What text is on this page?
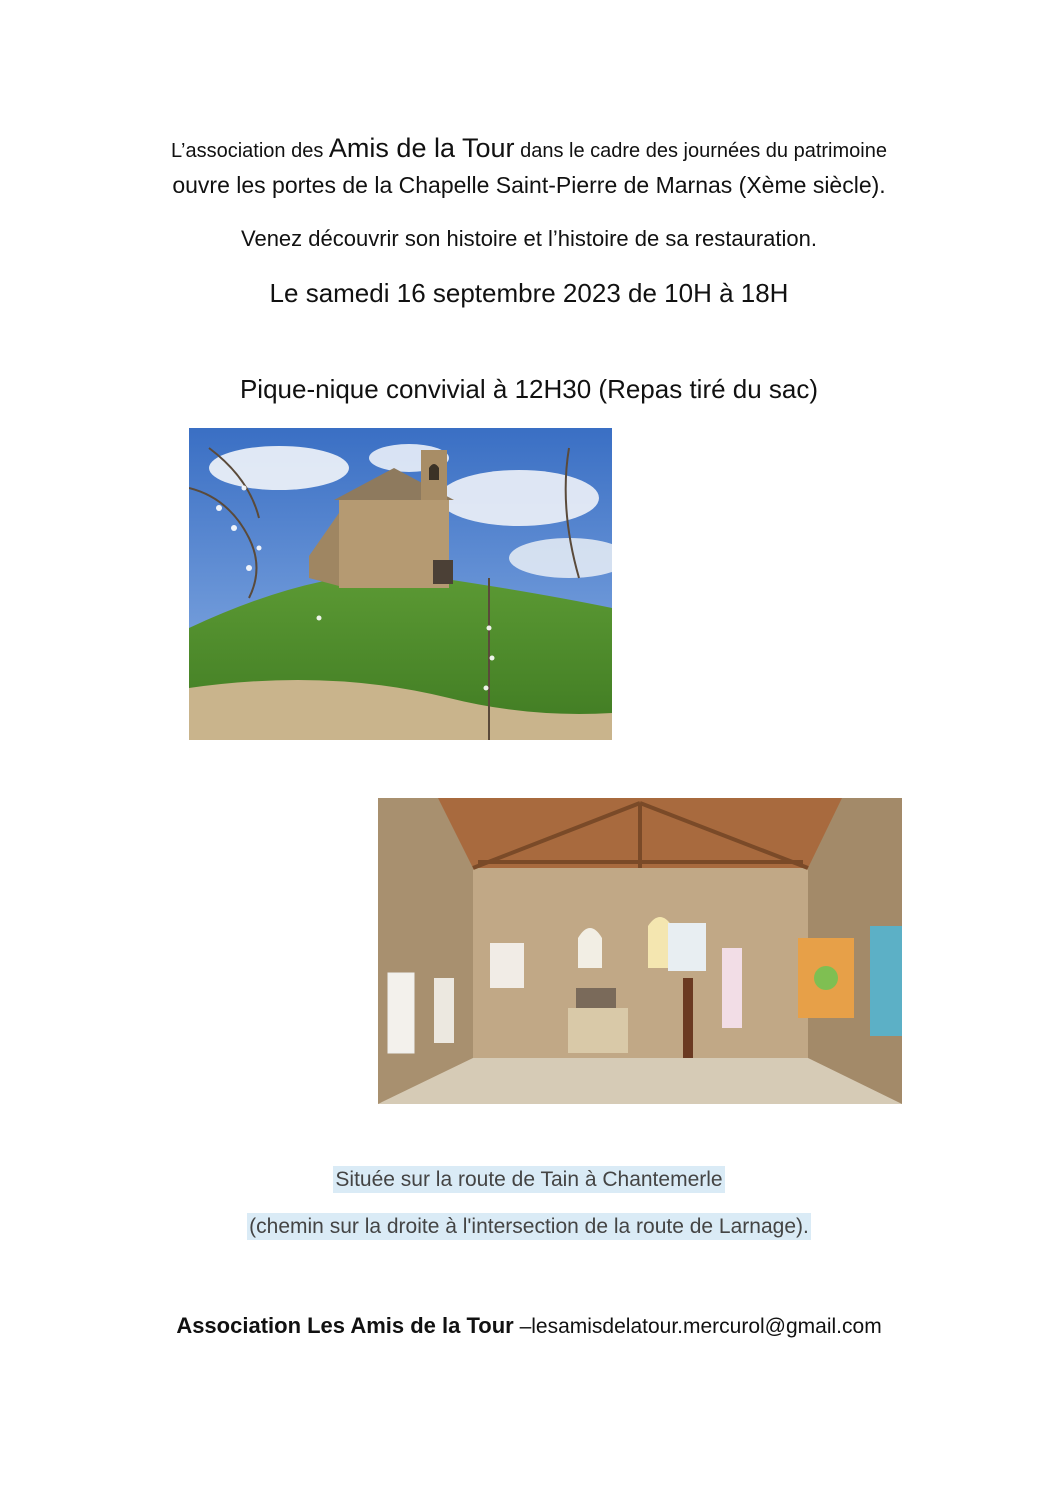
L’association des Amis de la Tour dans le cadre des journées du patrimoine
ouvre les portes de la Chapelle Saint-Pierre de Marnas (Xème siècle).
Venez découvrir son histoire et l’histoire de sa restauration.
Le samedi 16 septembre 2023 de 10H à 18H
Pique-nique convivial à 12H30 (Repas tiré du sac)
Située sur la route de Tain à Chantemerle
(chemin sur la droite à l'intersection de la route de Larnage).
Association Les Amis de la Tour –lesamisdelatour.mercurol@gmail.com
